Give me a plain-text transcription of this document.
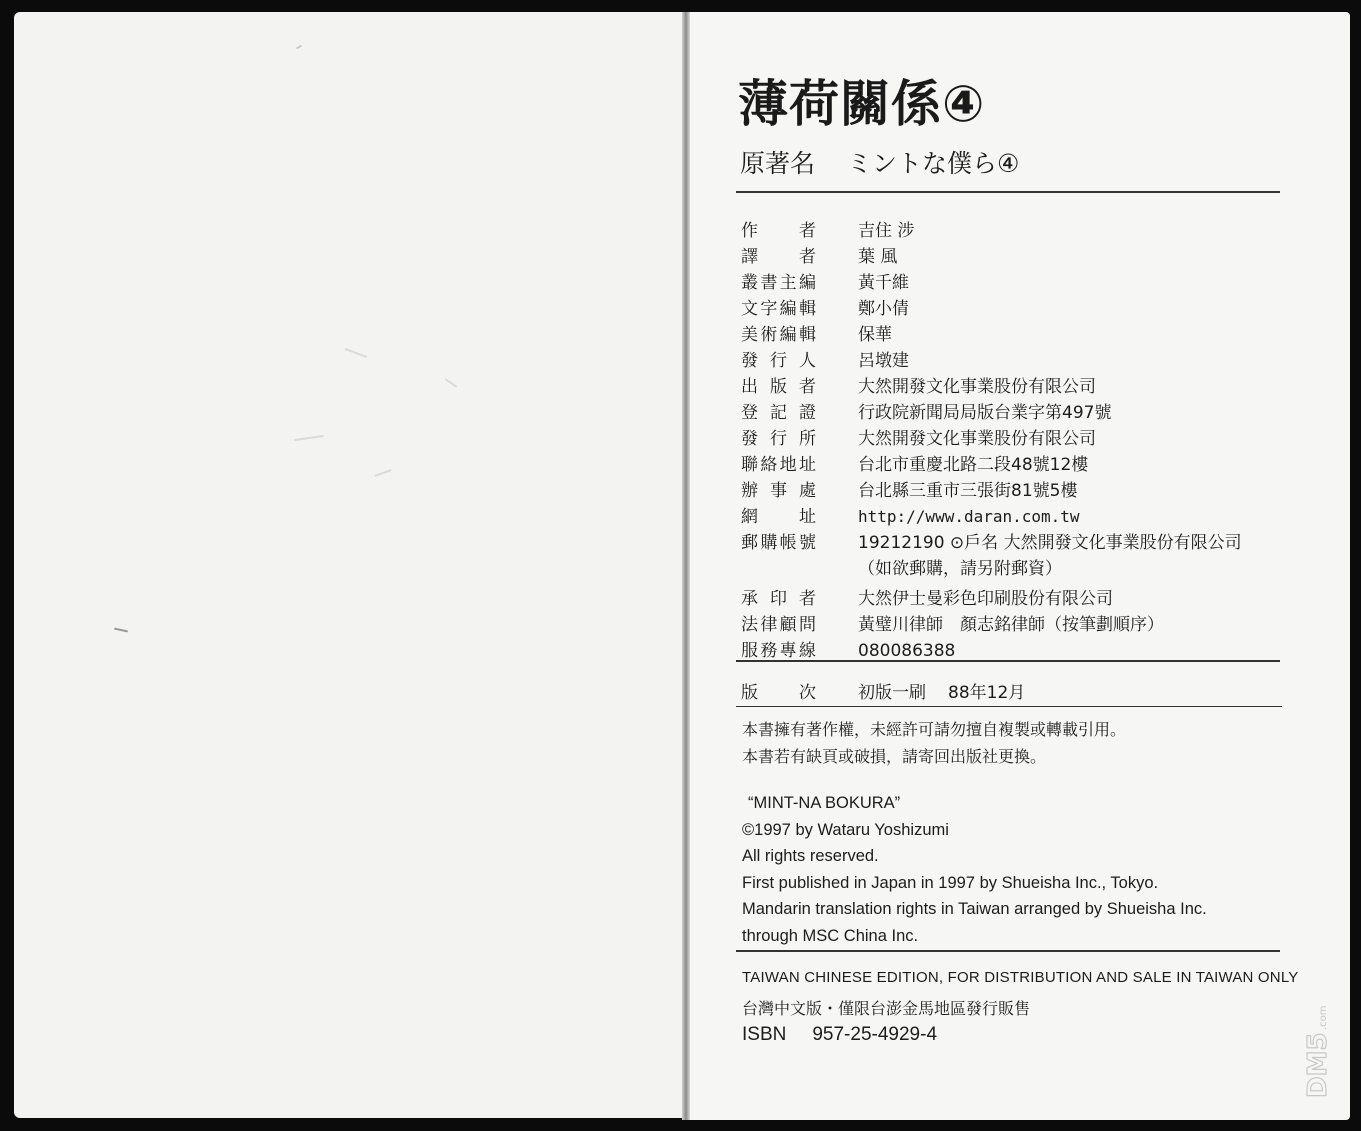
薄荷關係④
原著名 ミントな僕ら④
作　者 吉住 涉
譯　者 葉 風
叢書主編 黃千維
文字編輯 鄭小倩
美術編輯 保華
發行人 呂墩建
出版者 大然開發文化事業股份有限公司
登記證 行政院新聞局局版台業字第497號
發行所 大然開發文化事業股份有限公司
聯絡地址 台北市重慶北路二段48號12樓
辦事處 台北縣三重市三張街81號5樓
網　址	http://www.daran.com.tw
郵購帳號 19212190 ⊙戶名 大然開發文化事業股份有限公司
（如欲郵購，請另附郵資）
承印者 大然伊士曼彩色印刷股份有限公司
法律顧問 黃璧川律師　顏志銘律師（按筆劃順序）
服務專線 080086388
版　次 初版一刷 88年12月
本書擁有著作權，未經許可請勿擅自複製或轉載引用。
本書若有缺頁或破損，請寄回出版社更換。
“MINT-NA BOKURA”
©1997 by Wataru Yoshizumi
All rights reserved.
First published in Japan in 1997 by Shueisha Inc., Tokyo.
Mandarin translation rights in Taiwan arranged by Shueisha Inc.
through MSC China Inc.
TAIWAN CHINESE EDITION, FOR DISTRIBUTION AND SALE IN TAIWAN ONLY
台灣中文版・僅限台澎金馬地區發行販售
ISBN 957-25-4929-4	DM5
.com
